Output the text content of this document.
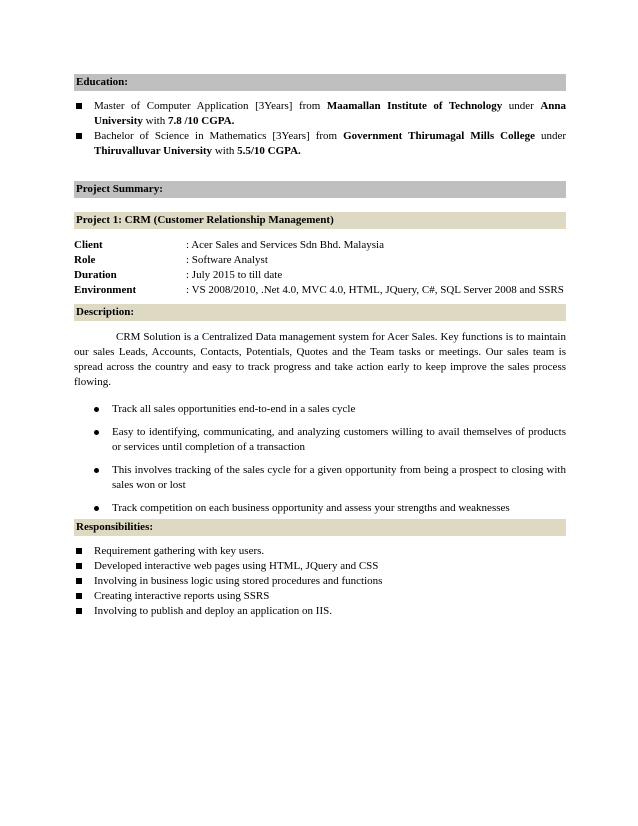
Education:
Master of Computer Application [3Years] from Maamallan Institute of Technology under Anna University with 7.8 /10 CGPA.
Bachelor of Science in Mathematics [3Years] from Government Thirumagal Mills College under Thiruvalluvar University with 5.5/10 CGPA.
Project Summary:
Project 1: CRM (Customer Relationship Management)
Client	: Acer Sales and Services Sdn Bhd. Malaysia
Role	: Software Analyst
Duration	: July 2015 to till date
Environment	: VS 2008/2010, .Net 4.0, MVC 4.0, HTML, JQuery, C#, SQL Server 2008 and SSRS
Description:

CRM Solution is a Centralized Data management system for Acer Sales. Key functions is to maintain our sales Leads, Accounts, Contacts, Potentials, Quotes and the Team tasks or meetings. Our sales team is spread across the country and easy to track progress and take action early to keep improve the sales process flowing.

Track all sales opportunities end-to-end in a sales cycle
Easy to identifying, communicating, and analyzing customers willing to avail themselves of products or services until completion of a transaction
This involves tracking of the sales cycle for a given opportunity from being a prospect to closing with sales won or lost
Track competition on each business opportunity and assess your strengths and weaknesses
Responsibilities:
Requirement gathering with key users.
Developed interactive web pages using HTML, JQuery and CSS
Involving in business logic using stored procedures and functions
Creating interactive reports using SSRS
Involving to publish and deploy an application on IIS.
